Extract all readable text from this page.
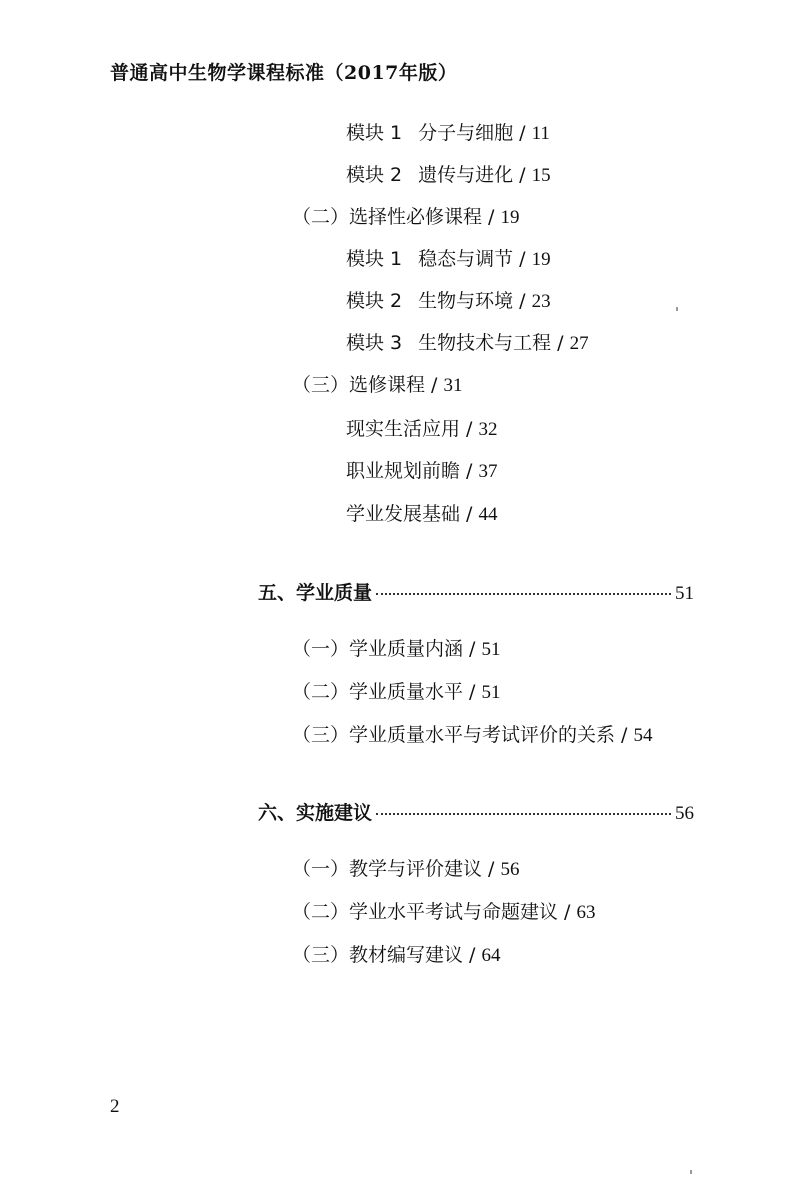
普通高中生物学课程标准（2017年版）
模块 1 分子与细胞 / 11
模块 2 遗传与进化 / 15
（二）选择性必修课程 / 19
模块 1 稳态与调节 / 19
模块 2 生物与环境 / 23
模块 3 生物技术与工程 / 27
（三）选修课程 / 31
现实生活应用 / 32
职业规划前瞻 / 37
学业发展基础 / 44
五、学业质量	51
（一）学业质量内涵 / 51
（二）学业质量水平 / 51
（三）学业质量水平与考试评价的关系 / 54
六、实施建议	56
（一）教学与评价建议 / 56
（二）学业水平考试与命题建议 / 63
（三）教材编写建议 / 64
2
